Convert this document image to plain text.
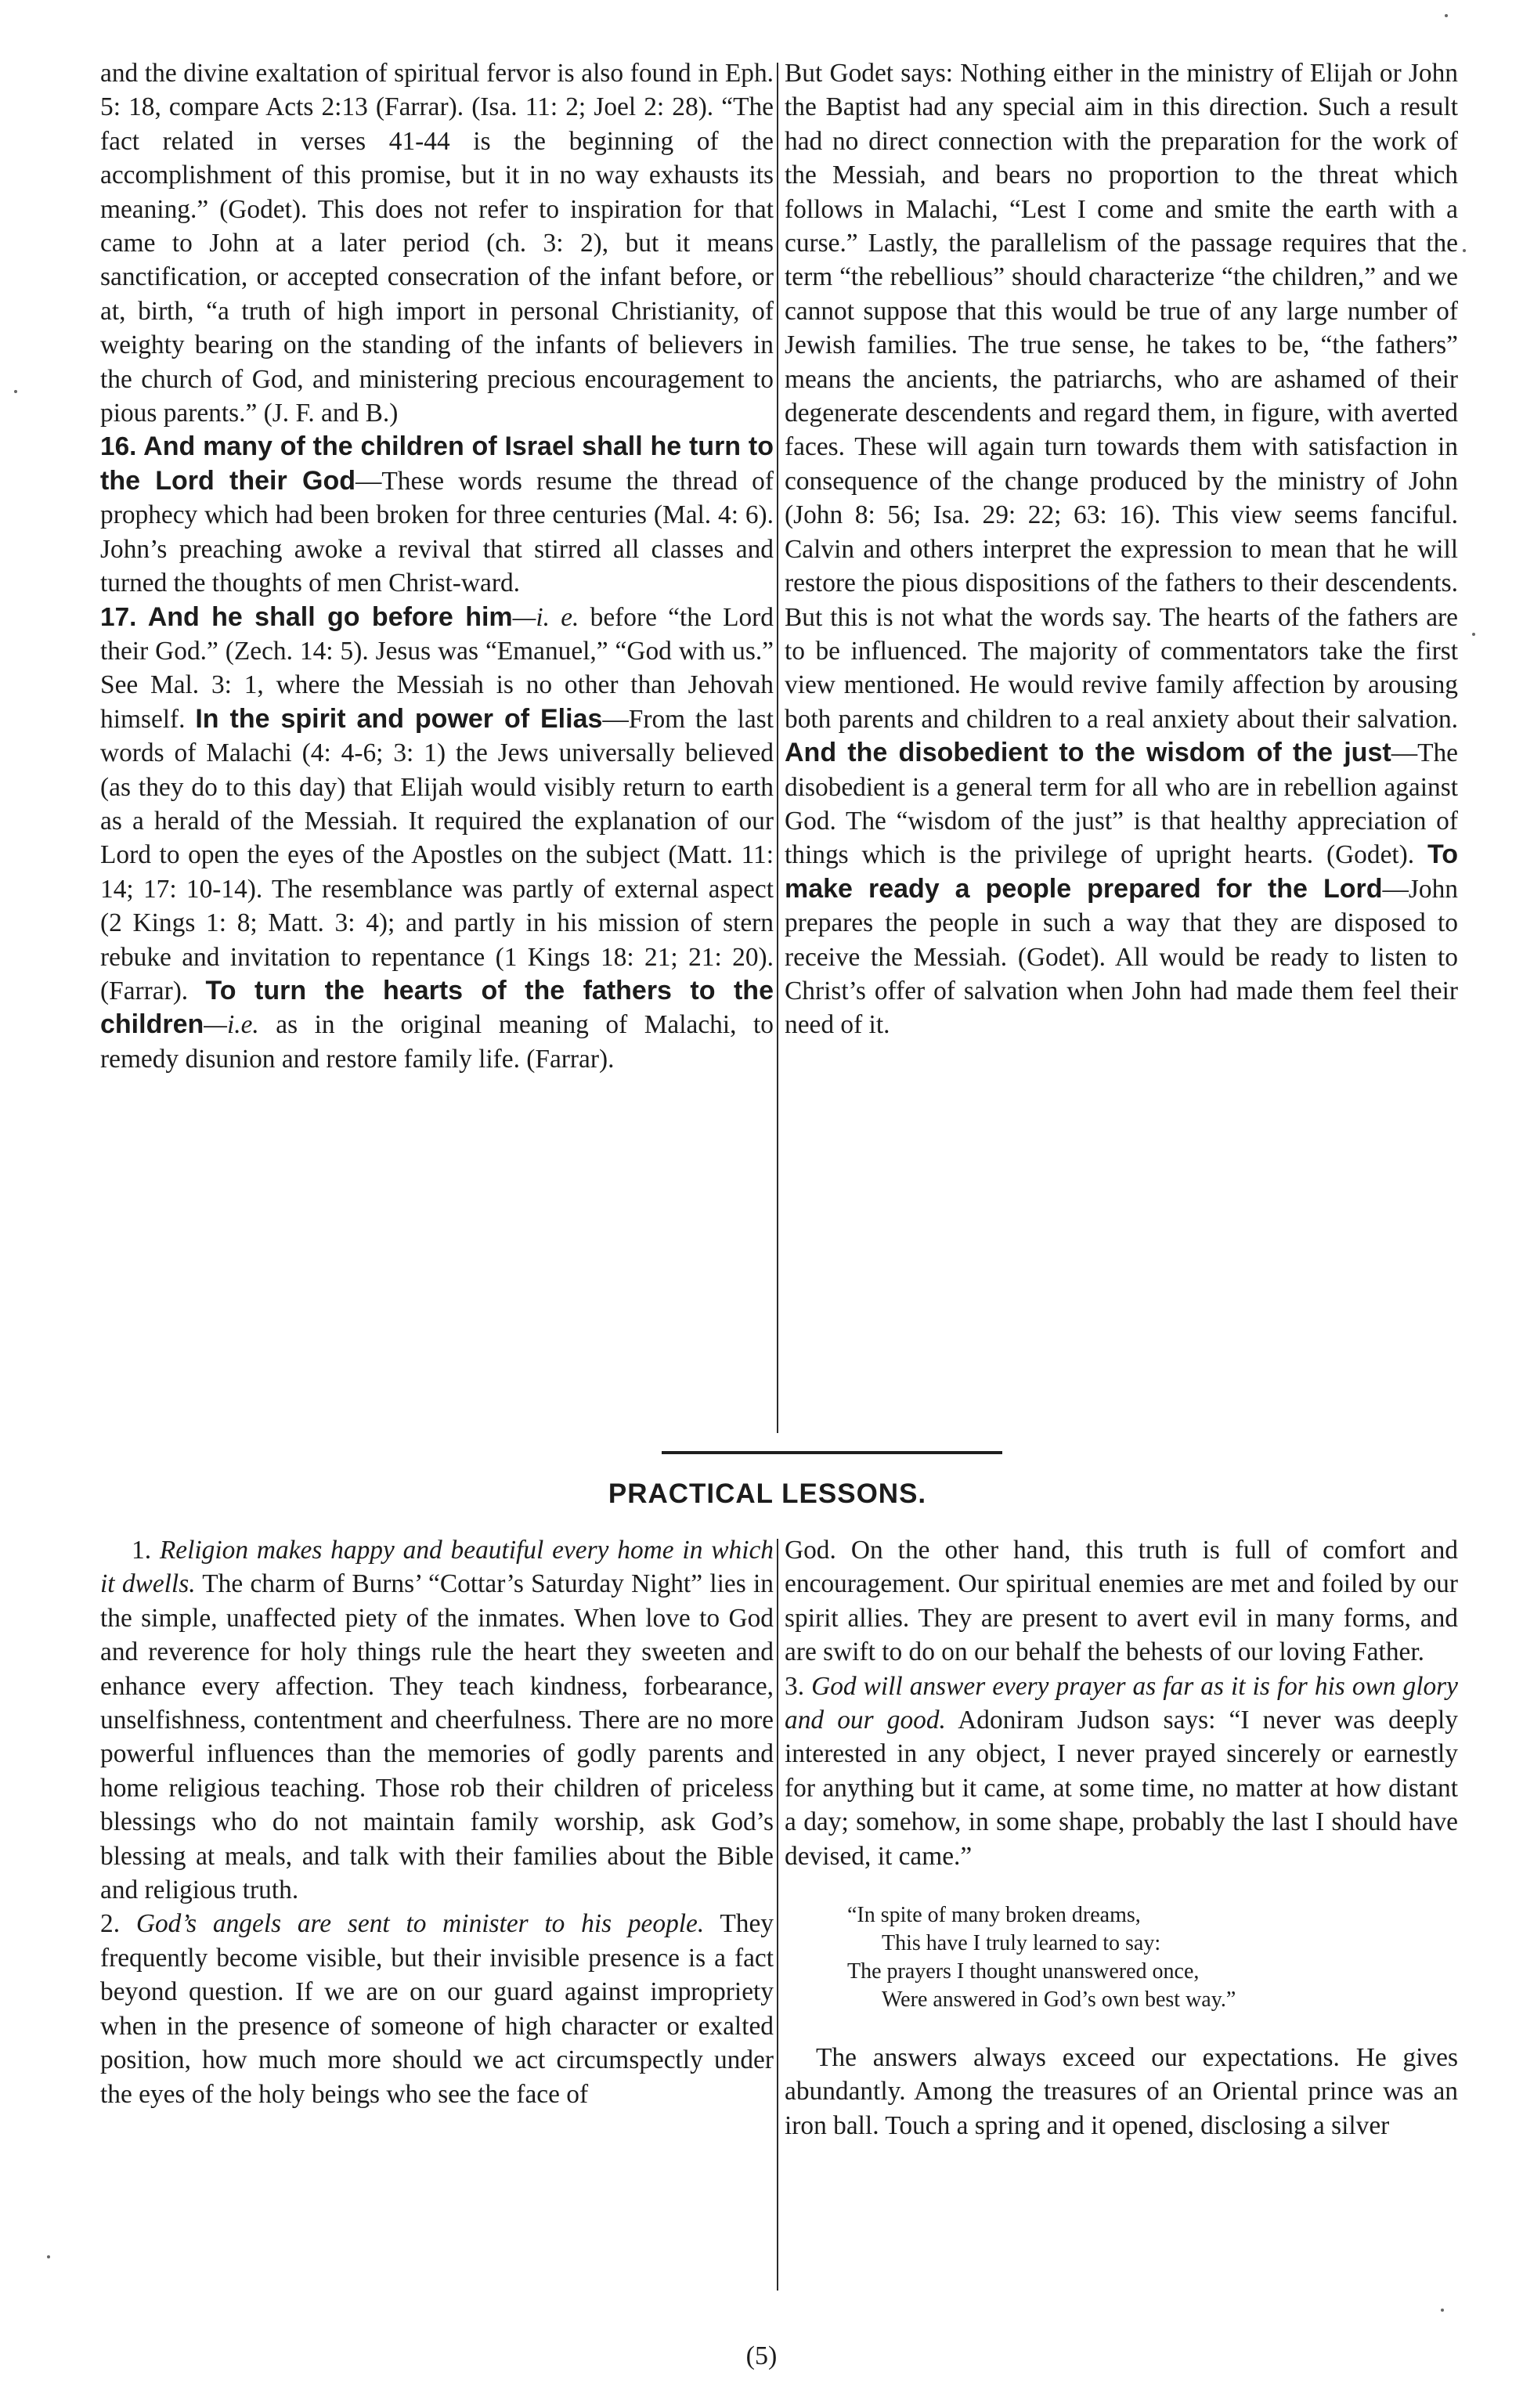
and the divine exaltation of spiritual fervor is also found in Eph. 5: 18, compare Acts 2:13 (Farrar). (Isa. 11: 2; Joel 2: 28). “The fact related in verses 41-44 is the beginning of the accomplishment of this promise, but it in no way exhausts its meaning.” (Godet). This does not refer to inspiration for that came to John at a later period (ch. 3: 2), but it means sanctification, or accepted consecration of the infant before, or at, birth, “a truth of high import in personal Christianity, of weighty bearing on the standing of the infants of believers in the church of God, and ministering precious encouragement to pious parents.” (J. F. and B.)

16. And many of the children of Israel shall he turn to the Lord their God—These words resume the thread of prophecy which had been broken for three centuries (Mal. 4: 6). John’s preaching awoke a revival that stirred all classes and turned the thoughts of men Christ-ward.

17. And he shall go before him—i. e. before “the Lord their God.” (Zech. 14: 5). Jesus was “Emanuel,” “God with us.” See Mal. 3: 1, where the Messiah is no other than Jehovah himself. In the spirit and power of Elias—From the last words of Malachi (4: 4-6; 3: 1) the Jews universally believed (as they do to this day) that Elijah would visibly return to earth as a herald of the Messiah. It required the explanation of our Lord to open the eyes of the Apostles on the subject (Matt. 11: 14; 17: 10-14). The resemblance was partly of external aspect (2 Kings 1: 8; Matt. 3: 4); and partly in his mission of stern rebuke and invitation to repentance (1 Kings 18: 21; 21: 20). (Farrar). To turn the hearts of the fathers to the children—i.e. as in the original meaning of Malachi, to remedy disunion and restore family life. (Farrar).

But Godet says: Nothing either in the ministry of Elijah or John the Baptist had any special aim in this direction. Such a result had no direct connection with the preparation for the work of the Messiah, and bears no proportion to the threat which follows in Malachi, “Lest I come and smite the earth with a curse.” Lastly, the parallelism of the passage requires that the term “the rebellious” should characterize “the children,” and we cannot suppose that this would be true of any large number of Jewish families. The true sense, he takes to be, “the fathers” means the ancients, the patriarchs, who are ashamed of their degenerate descendents and regard them, in figure, with averted faces. These will again turn towards them with satisfaction in consequence of the change produced by the ministry of John (John 8: 56; Isa. 29: 22; 63: 16). This view seems fanciful. Calvin and others interpret the expression to mean that he will restore the pious dispositions of the fathers to their descendents. But this is not what the words say. The hearts of the fathers are to be influenced. The majority of commentators take the first view mentioned. He would revive family affection by arousing both parents and children to a real anxiety about their salvation. And the disobedient to the wisdom of the just—The disobedient is a general term for all who are in rebellion against God. The “wisdom of the just” is that healthy appreciation of things which is the privilege of upright hearts. (Godet). To make ready a people prepared for the Lord—John prepares the people in such a way that they are disposed to receive the Messiah. (Godet). All would be ready to listen to Christ’s offer of salvation when John had made them feel their need of it.

PRACTICAL LESSONS.

1. Religion makes happy and beautiful every home in which it dwells. The charm of Burns’ “Cottar’s Saturday Night” lies in the simple, unaffected piety of the inmates. When love to God and reverence for holy things rule the heart they sweeten and enhance every affection. They teach kindness, forbearance, unselfishness, contentment and cheerfulness. There are no more powerful influences than the memories of godly parents and home religious teaching. Those rob their children of priceless blessings who do not maintain family worship, ask God’s blessing at meals, and talk with their families about the Bible and religious truth.

2. God’s angels are sent to minister to his people. They frequently become visible, but their invisible presence is a fact beyond question. If we are on our guard against impropriety when in the presence of someone of high character or exalted position, how much more should we act circumspectly under the eyes of the holy beings who see the face of

God. On the other hand, this truth is full of comfort and encouragement. Our spiritual enemies are met and foiled by our spirit allies. They are present to avert evil in many forms, and are swift to do on our behalf the behests of our loving Father.

3. God will answer every prayer as far as it is for his own glory and our good. Adoniram Judson says: “I never was deeply interested in any object, I never prayed sincerely or earnestly for anything but it came, at some time, no matter at how distant a day; somehow, in some shape, probably the last I should have devised, it came.”

“In spite of many broken dreams,
This have I truly learned to say:
The prayers I thought unanswered once,
Were answered in God’s own best way.”

The answers always exceed our expectations. He gives abundantly. Among the treasures of an Oriental prince was an iron ball. Touch a spring and it opened, disclosing a silver

(5)
